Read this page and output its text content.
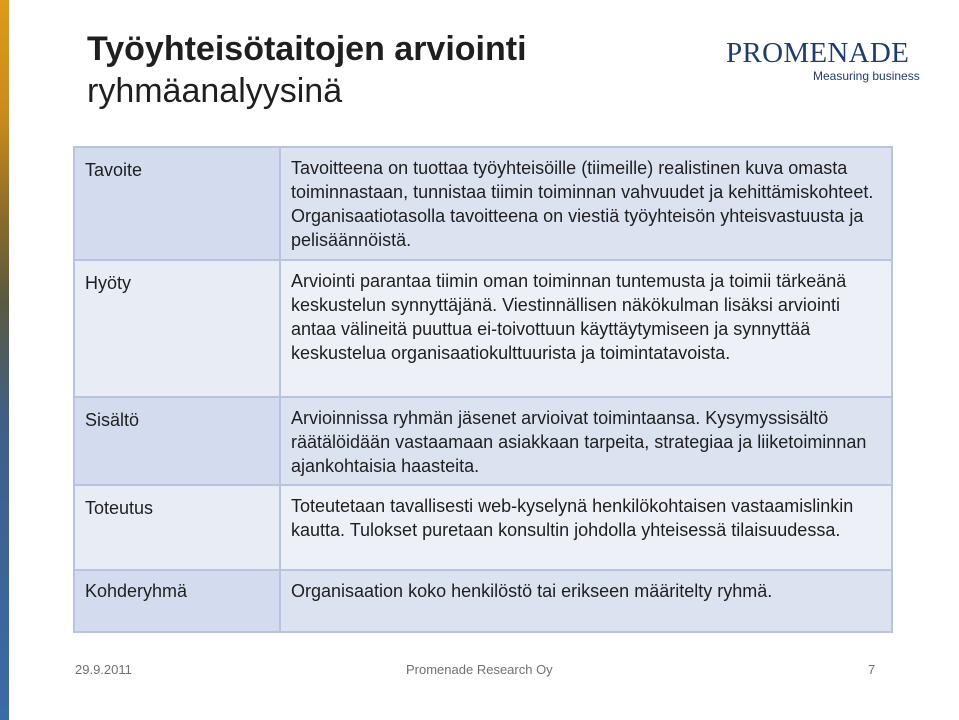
Työyhteisötaitojen arviointi
ryhmäanalyysinä
PROMENADE
Measuring business
Tavoite	Tavoitteena on tuottaa työyhteisöille (tiimeille) realistinen kuva omasta toiminnastaan, tunnistaa tiimin toiminnan vahvuudet ja kehittämiskohteet. Organisaatiotasolla tavoitteena on viestiä työyhteisön yhteisvastuusta ja pelisäännöistä.
Hyöty	Arviointi parantaa tiimin oman toiminnan tuntemusta ja toimii tärkeänä keskustelun synnyttäjänä. Viestinnällisen näkökulman lisäksi arviointi antaa välineitä puuttua ei-toivottuun käyttäytymiseen ja synnyttää keskustelua organisaatiokulttuurista ja toimintatavoista.
Sisältö	Arvioinnissa ryhmän jäsenet arvioivat toimintaansa. Kysymyssisältö räätälöidään vastaamaan asiakkaan tarpeita, strategiaa ja liiketoiminnan ajankohtaisia haasteita.
Toteutus	Toteutetaan tavallisesti web-kyselynä henkilökohtaisen vastaamislinkin kautta. Tulokset puretaan konsultin johdolla yhteisessä tilaisuudessa.
Kohderyhmä	Organisaation koko henkilöstö tai erikseen määritelty ryhmä.
29.9.2011	Promenade Research Oy	7
